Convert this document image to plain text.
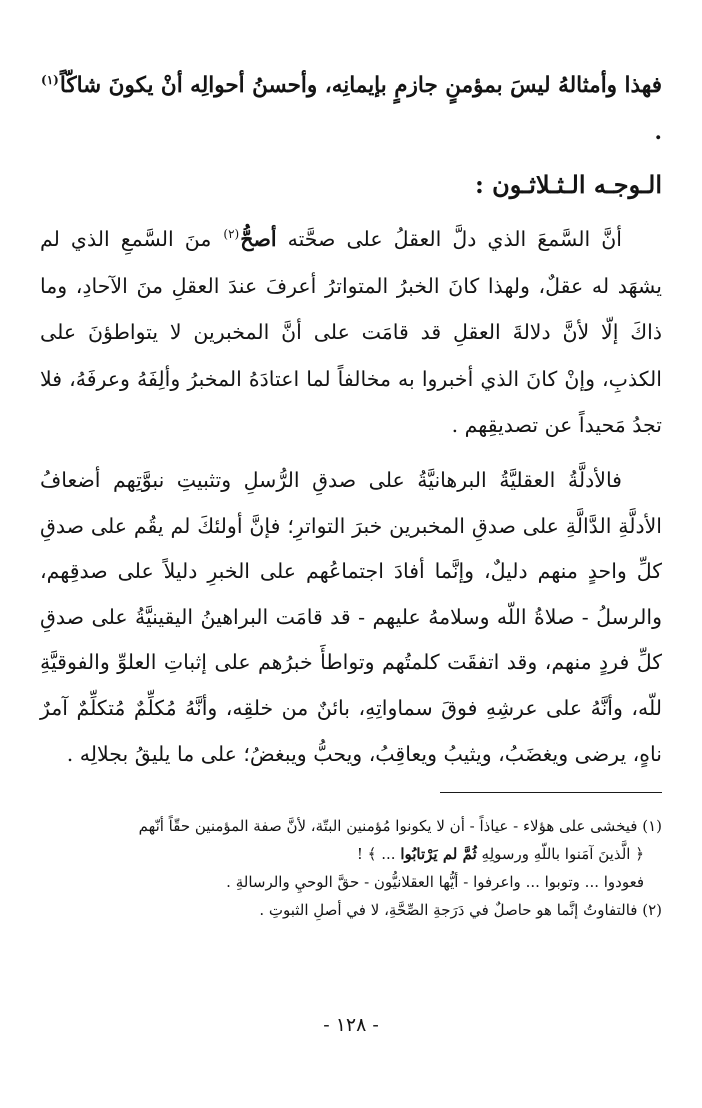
فهذا وأمثالهُ ليسَ بمؤمنٍ جازمٍ بإيمانِه، وأحسنُ أحوالِه أنْ يكونَ شاكّاً$^{(١)}$ .
الـوجـه الـثـلاثـون :
أنَّ السَّمعَ الذي دلَّ العقلُ على صحَّته أصحُّ$^{(٢)}$ منَ السَّمعِ الذي لم يشهَد له عقلٌ، ولهذا كانَ الخبرُ المتواترُ أعرفَ عندَ العقلِ منَ الآحادِ، وما ذاكَ إلّا لأنَّ دلالةَ العقلِ قد قامَت على أنَّ المخبرين لا يتواطؤنَ على الكذبِ، وإنْ كانَ الذي أخبروا به مخالفاً لما اعتادَهُ المخبرُ وألِفَهُ وعرفَهُ، فلا تجدُ مَحيداً عن تصديقِهم .
فالأدلَّةُ العقليَّةُ البرهانيَّةُ على صدقِ الرُّسلِ وتثبيتِ نبوَّتِهم أضعافُ الأدلَّةِ الدَّالَّةِ على صدقِ المخبرين خبرَ التواترِ؛ فإنَّ أولئكَ لم يقُم على صدقِ كلِّ واحدٍ منهم دليلٌ، وإنَّما أفادَ اجتماعُهم على الخبرِ دليلاً على صدقِهم، والرسلُ - صلاةُ اللّه وسلامهُ عليهم - قد قامَت البراهينُ اليقينيَّةُ على صدقِ كلِّ فردٍ منهم، وقد اتفقَت كلمتُهم وتواطأَ خبرُهم على إثباتِ العلوِّ والفوقيَّةِ للّه، وأنَّهُ على عرشِهِ فوقَ سماواتِهِ، بائنٌ من خلقِه، وأنَّهُ مُكلِّمٌ مُتكلِّمٌ آمرٌ ناهٍ، يرضى ويغضَبُ، ويثيبُ ويعاقِبُ، ويحبُّ ويبغضُ؛ على ما يليقُ بجلالِه .
(١) فيخشى على هؤلاء - عياذاً - أن لا يكونوا مُؤمنين البتّة، لأنَّ صفة المؤمنين حقّاً أنّهم
﴿ الَّذينَ آمَنوا باللّهِ ورسولِهِ ثُمَّ لم يَرْتابُوا ... ﴾ !
فعودوا ... وتوبوا ... واعرفوا - أيُّها العقلانيُّون - حقَّ الوحيِ والرسالةِ .
(٢) فالتفاوتُ إنَّما هو حاصلٌ في دَرَجةِ الصِّحَّةِ، لا في أصلِ الثبوتِ .
- ١٢٨ -
